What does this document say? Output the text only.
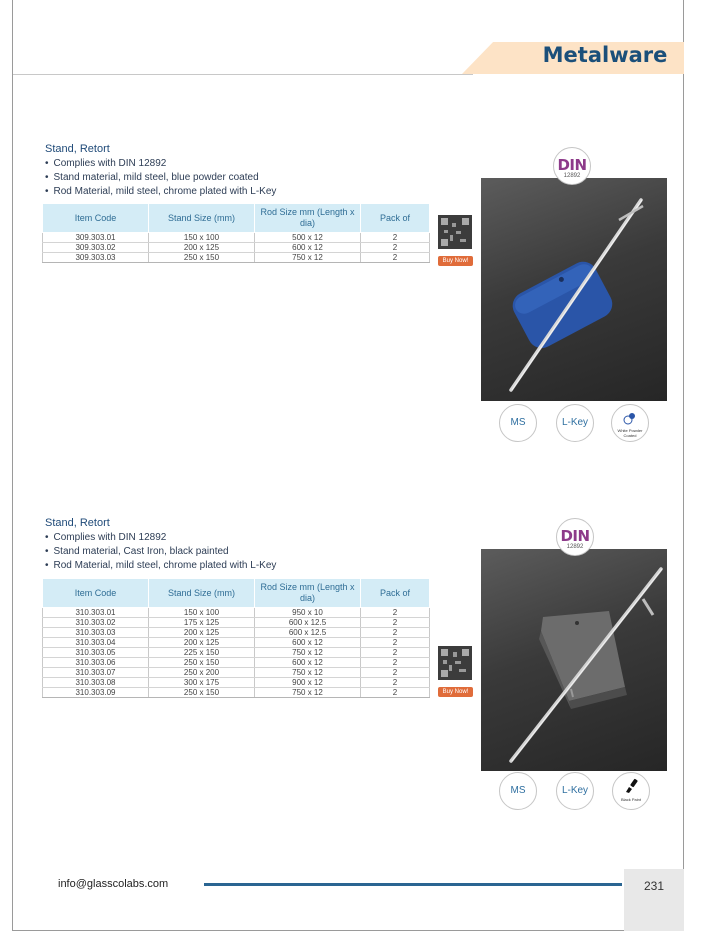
Metalware
Stand, Retort
• Complies with DIN 12892
• Stand material, mild steel, blue powder coated
• Rod Material, mild steel, chrome plated with L-Key
Item Code	Stand Size (mm)	Rod Size mm (Length x dia)	Pack of
309.303.01	150 x 100	500 x 12	2
309.303.02	200 x 125	600 x 12	2
309.303.03	250 x 150	750 x 12	2	Buy Now!
DIN
12892
MS	L-Key
White Powder Coated
Stand, Retort
• Complies with DIN 12892
• Stand material, Cast Iron, black painted
• Rod Material, mild steel, chrome plated with L-Key
Item Code	Stand Size (mm)	Rod Size mm (Length x dia)	Pack of
310.303.01	150 x 100	950 x 10	2
310.303.02	175 x 125	600 x 12.5	2
310.303.03	200 x 125	600 x 12.5	2
310.303.04	200 x 125	600 x 12	2
310.303.05	225 x 150	750 x 12	2
310.303.06	250 x 150	600 x 12	2
310.303.07	250 x 200	750 x 12	2
310.303.08	300 x 175	900 x 12	2
310.303.09	250 x 150	750 x 12	2	Buy Now!
DIN
12892
MS	L-Key
Black Paint
info@glasscolabs.com	231
